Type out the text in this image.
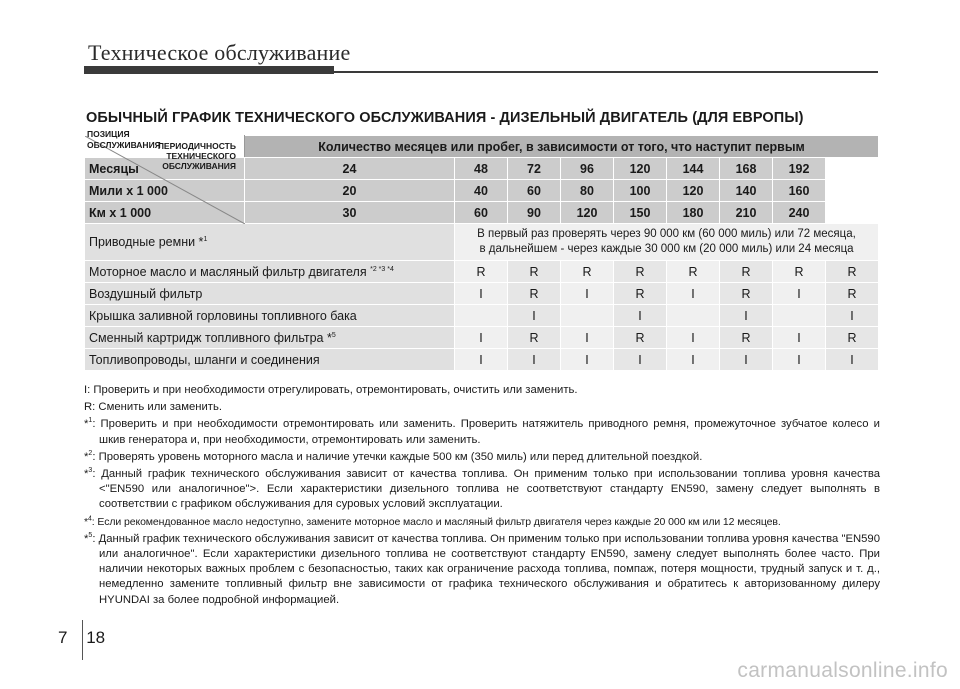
Техническое обслуживание
ОБЫЧНЫЙ ГРАФИК ТЕХНИЧЕСКОГО ОБСЛУЖИВАНИЯ - ДИЗЕЛЬНЫЙ ДВИГАТЕЛЬ (ДЛЯ ЕВРОПЫ)
ПЕРИОДИЧНОСТЬ
ТЕХНИЧЕСКОГО
ОБСЛУЖИВАНИЯ
ПОЗИЦИЯ
ОБСЛУЖИВАНИЯ	Количество месяцев или пробег, в зависимости от того, что наступит первым								
Месяцы	24	48	72	96	120	144	168	192	
Мили x 1 000	20	40	60	80	100	120	140	160	
Км x 1 000	30	60	90	120	150	180	210	240	
Приводные ремни *$^1$		В первый раз проверять через 90 000 км (60 000 миль) или 72 месяца,
в дальнейшем - через каждые 30 000 км (20 000 миль) или 24 месяца							

Моторное масло и масляный фильтр двигателя $^{*2 *3 *4}$		R	R	R	R	R	R	R	R
Воздушный фильтр		I	R	I	R	I	R	I	R
Крышка заливной горловины топливного бака			I		I		I		I
Сменный картридж топливного фильтра *$^5$		I	R	I	R	I	R	I	R
Топливопроводы, шланги и соединения		I	I	I	I	I	I	I	I
I: Проверить и при необходимости отрегулировать, отремонтировать, очистить или заменить.
R: Сменить или заменить.
*$^1$: Проверить и при необходимости отремонтировать или заменить. Проверить натяжитель приводного ремня, промежуточное зубчатое колесо и шкив генератора и, при необходимости, отремонтировать или заменить.
*$^2$: Проверять уровень моторного масла и наличие утечки каждые 500 км (350 миль) или перед длительной поездкой.
*$^3$: Данный график технического обслуживания зависит от качества топлива. Он применим только при использовании топлива уровня качества <"EN590 или аналогичное">. Если характеристики дизельного топлива не соответствуют стандарту EN590, замену следует выполнять в соответствии с графиком обслуживания для суровых условий эксплуатации.
*$^4$: Если рекомендованное масло недоступно, замените моторное масло и масляный фильтр двигателя через каждые 20 000 км или 12 месяцев.
*$^5$: Данный график технического обслуживания зависит от качества топлива. Он применим только при использовании топлива уровня качества "EN590 или аналогичное". Если характеристики дизельного топлива не соответствуют стандарту EN590, замену следует выполнять более часто. При наличии некоторых важных проблем с безопасностью, таких как ограничение расхода топлива, помпаж, потеря мощности, трудный запуск и т. д., немедленно замените топливный фильтр вне зависимости от графика технического обслуживания и обратитесь к авторизованному дилеру HYUNDAI за более подробной информацией.
7 18
carmanualsonline.info
